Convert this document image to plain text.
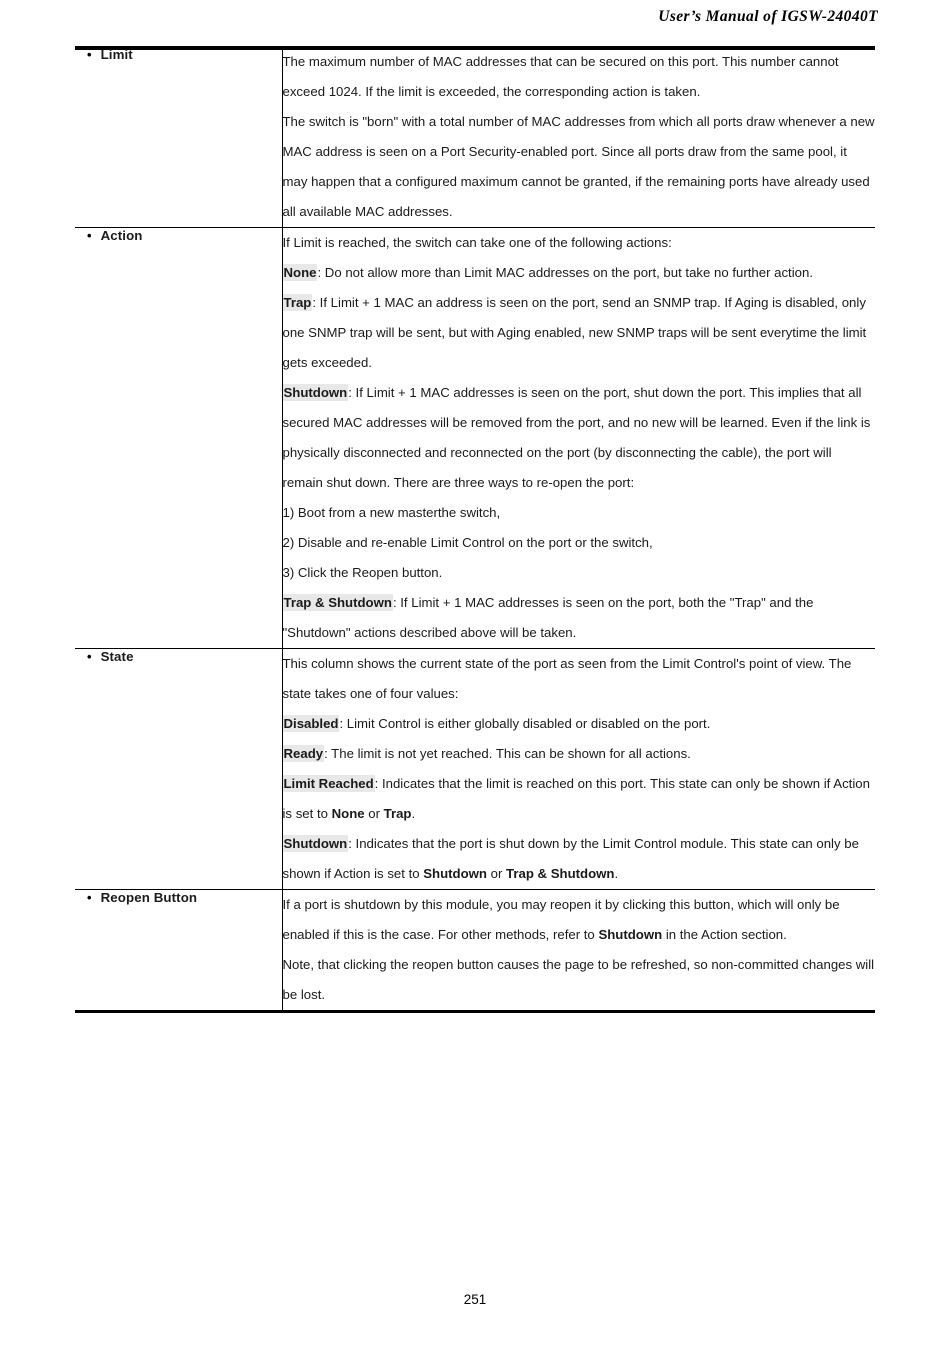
User’s Manual of IGSW-24040T
• Limit	The maximum number of MAC addresses that can be secured on this port. This number cannot exceed 1024. If the limit is exceeded, the corresponding action is taken.

The switch is "born" with a total number of MAC addresses from which all ports draw whenever a new MAC address is seen on a Port Security-enabled port. Since all ports draw from the same pool, it may happen that a configured maximum cannot be granted, if the remaining ports have already used all available MAC addresses.

• Action	If Limit is reached, the switch can take one of the following actions:

None: Do not allow more than Limit MAC addresses on the port, but take no further action.

Trap: If Limit + 1 MAC an address is seen on the port, send an SNMP trap. If Aging is disabled, only one SNMP trap will be sent, but with Aging enabled, new SNMP traps will be sent everytime the limit gets exceeded.

Shutdown: If Limit + 1 MAC addresses is seen on the port, shut down the port. This implies that all secured MAC addresses will be removed from the port, and no new will be learned. Even if the link is physically disconnected and reconnected on the port (by disconnecting the cable), the port will remain shut down. There are three ways to re-open the port:

1) Boot from a new masterthe switch,

2) Disable and re-enable Limit Control on the port or the switch,

3) Click the Reopen button.

Trap & Shutdown: If Limit + 1 MAC addresses is seen on the port, both the "Trap" and the "Shutdown" actions described above will be taken.

• State	This column shows the current state of the port as seen from the Limit Control's point of view. The state takes one of four values:

Disabled: Limit Control is either globally disabled or disabled on the port.

Ready: The limit is not yet reached. This can be shown for all actions.

Limit Reached: Indicates that the limit is reached on this port. This state can only be shown if Action is set to None or Trap.

Shutdown: Indicates that the port is shut down by the Limit Control module. This state can only be shown if Action is set to Shutdown or Trap & Shutdown.

• Reopen Button	If a port is shutdown by this module, you may reopen it by clicking this button, which will only be enabled if this is the case. For other methods, refer to Shutdown in the Action section.

Note, that clicking the reopen button causes the page to be refreshed, so non-committed changes will be lost.

251
